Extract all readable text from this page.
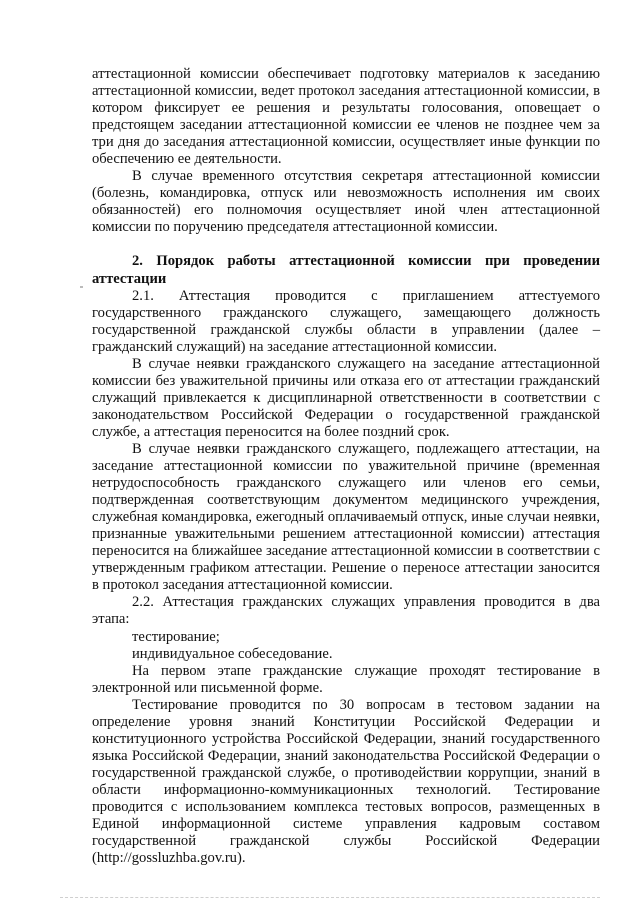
аттестационной комиссии обеспечивает подготовку материалов к заседанию аттестационной комиссии, ведет протокол заседания аттестационной комиссии, в котором фиксирует ее решения и результаты голосования, оповещает о предстоящем заседании аттестационной комиссии ее членов не позднее чем за три дня до заседания аттестационной комиссии, осуществляет иные функции по обеспечению ее деятельности.

В случае временного отсутствия секретаря аттестационной комиссии (болезнь, командировка, отпуск или невозможность исполнения им своих обязанностей) его полномочия осуществляет иной член аттестационной комиссии по поручению председателя аттестационной комиссии.

2. Порядок работы аттестационной комиссии при проведении аттестации

2.1. Аттестация проводится с приглашением аттестуемого государственного гражданского служащего, замещающего должность государственной гражданской службы области в управлении (далее – гражданский служащий) на заседание аттестационной комиссии.

В случае неявки гражданского служащего на заседание аттестационной комиссии без уважительной причины или отказа его от аттестации гражданский служащий привлекается к дисциплинарной ответственности в соответствии с законодательством Российской Федерации о государственной гражданской службе, а аттестация переносится на более поздний срок.

В случае неявки гражданского служащего, подлежащего аттестации, на заседание аттестационной комиссии по уважительной причине (временная нетрудоспособность гражданского служащего или членов его семьи, подтвержденная соответствующим документом медицинского учреждения, служебная командировка, ежегодный оплачиваемый отпуск, иные случаи неявки, признанные уважительными решением аттестационной комиссии) аттестация переносится на ближайшее заседание аттестационной комиссии в соответствии с утвержденным графиком аттестации. Решение о переносе аттестации заносится в протокол заседания аттестационной комиссии.

2.2. Аттестация гражданских служащих управления проводится в два этапа:

тестирование;

индивидуальное собеседование.

На первом этапе гражданские служащие проходят тестирование в электронной или письменной форме.

Тестирование проводится по 30 вопросам в тестовом задании на определение уровня знаний Конституции Российской Федерации и конституционного устройства Российской Федерации, знаний государственного языка Российской Федерации, знаний законодательства Российской Федерации о государственной гражданской службе, о противодействии коррупции, знаний в области информационно-коммуникационных технологий. Тестирование проводится с использованием комплекса тестовых вопросов, размещенных в Единой информационной системе управления кадровым составом государственной гражданской службы Российской Федерации (http://gossluzhba.gov.ru).
